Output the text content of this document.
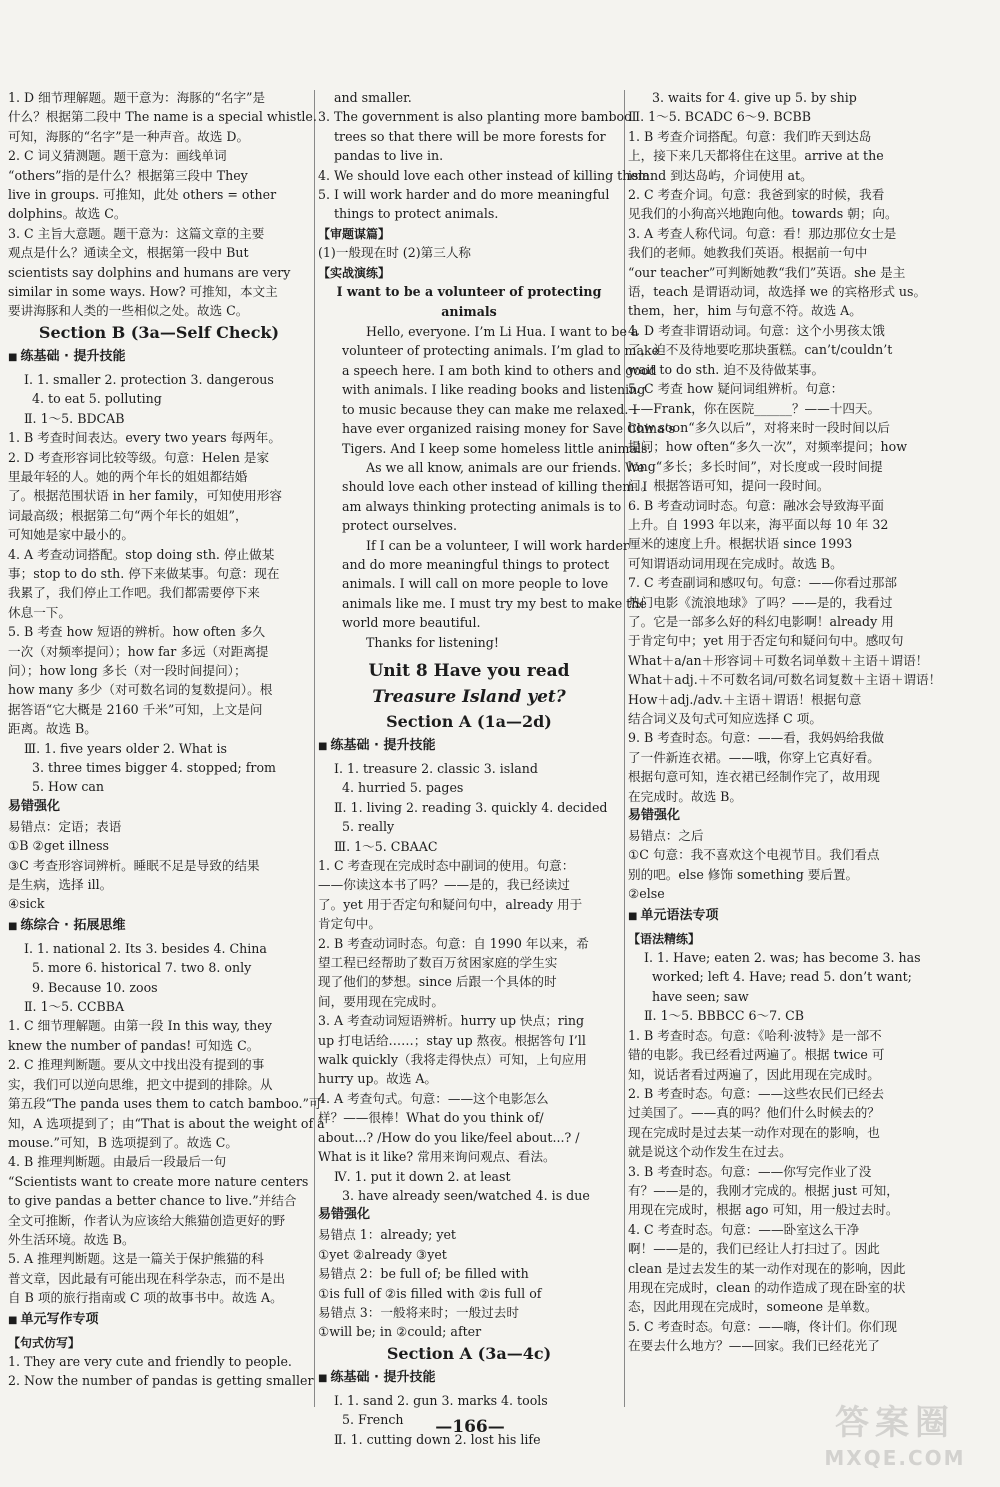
1. D 细节理解题。题干意为：海豚的“名字”是
什么？根据第二段中 The name is a special whistle.
可知，海豚的“名字”是一种声音。故选 D。
2. C 词义猜测题。题干意为：画线单词
“others”指的是什么？根据第三段中 They
live in groups. 可推知，此处 others = other
dolphins。故选 C。
3. C 主旨大意题。题干意为：这篇文章的主要
观点是什么？通读全文，根据第一段中 But
scientists say dolphins and humans are very
similar in some ways. How? 可推知，本文主
要讲海豚和人类的一些相似之处。故选 C。
Section B (3a—Self Check)
■ 练基础 · 提升技能
Ⅰ. 1. smaller 2. protection 3. dangerous
4. to eat 5. polluting
Ⅱ. 1～5. BDCAB
1. B 考查时间表达。every two years 每两年。
2. D 考查形容词比较等级。句意：Helen 是家
里最年轻的人。她的两个年长的姐姐都结婚
了。根据范围状语 in her family，可知使用形容
词最高级；根据第二句“两个年长的姐姐”，
可知她是家中最小的。
4. A 考查动词搭配。stop doing sth. 停止做某
事；stop to do sth. 停下来做某事。句意：现在
我累了，我们停止工作吧。我们都需要停下来
休息一下。
5. B 考查 how 短语的辨析。how often 多久
一次（对频率提问）；how far 多远（对距离提
问）；how long 多长（对一段时间提问）；
how many 多少（对可数名词的复数提问）。根
据答语“它大概是 2160 千米”可知，上文是问
距离。故选 B。
Ⅲ. 1. five years older 2. What is
3. three times bigger 4. stopped; from
5. How can
易错强化
易错点：定语；表语
①B ②get illness
③C 考查形容词辨析。睡眠不足是导致的结果
是生病，选择 ill。
④sick
■ 练综合 · 拓展思维
Ⅰ. 1. national 2. Its 3. besides 4. China
5. more 6. historical 7. two 8. only
9. Because 10. zoos
Ⅱ. 1～5. CCBBA
1. C 细节理解题。由第一段 In this way, they
knew the number of pandas! 可知选 C。
2. C 推理判断题。要从文中找出没有提到的事
实，我们可以逆向思维，把文中提到的排除。从
第五段“The panda uses them to catch bamboo.”可
知，A 选项提到了；由“That is about the weight of a
mouse.”可知，B 选项提到了。故选 C。
4. B 推理判断题。由最后一段最后一句
“Scientists want to create more nature centers
to give pandas a better chance to live.”并结合
全文可推断，作者认为应该给大熊猫创造更好的野
外生活环境。故选 B。
5. A 推理判断题。这是一篇关于保护熊猫的科
普文章，因此最有可能出现在科学杂志，而不是出
自 B 项的旅行指南或 C 项的故事书中。故选 A。
■ 单元写作专项
【 句式仿写 】
1. They are very cute and friendly to people.
2. Now the number of pandas is getting smaller
and smaller.
3. The government is also planting more bamboo
trees so that there will be more forests for
pandas to live in.
4. We should love each other instead of killing them.
5. I will work harder and do more meaningful
things to protect animals.
【 审题谋篇 】
(1)一般现在时 (2)第三人称
【 实战演练 】
I want to be a volunteer of protecting animals
Hello, everyone. I’m Li Hua. I want to be a
volunteer of protecting animals. I’m glad to make
a speech here. I am both kind to others and good
with animals. I like reading books and listening
to music because they can make me relaxed. I
have ever organized raising money for Save China’s
Tigers. And I keep some homeless little animals.
As we all know, animals are our friends. We
should love each other instead of killing them. I
am always thinking protecting animals is to
protect ourselves.
If I can be a volunteer, I will work harder
and do more meaningful things to protect
animals. I will call on more people to love
animals like me. I must try my best to make the
world more beautiful.
Thanks for listening!
Unit 8 Have you read
Treasure Island yet?
Section A (1a—2d)
■ 练基础 · 提升技能
Ⅰ. 1. treasure 2. classic 3. island
4. hurried 5. pages
Ⅱ. 1. living 2. reading 3. quickly 4. decided
5. really
Ⅲ. 1～5. CBAAC
1. C 考查现在完成时态中副词的使用。句意：
——你读这本书了吗？——是的，我已经读过
了。yet 用于否定句和疑问句中，already 用于
肯定句中。
2. B 考查动词时态。句意：自 1990 年以来，希
望工程已经帮助了数百万贫困家庭的学生实
现了他们的梦想。since 后跟一个具体的时
间，要用现在完成时。
3. A 考查动词短语辨析。hurry up 快点；ring
up 打电话给……；stay up 熬夜。根据答句 I’ll
walk quickly（我将走得快点）可知，上句应用
hurry up。故选 A。
4. A 考查句式。句意：——这个电影怎么
样？——很棒！What do you think of/
about...? /How do you like/feel about...? /
What is it like? 常用来询问观点、看法。
Ⅳ. 1. put it down 2. at least
3. have already seen/watched 4. is due
易错强化
易错点 1：already; yet
①yet ②already ③yet
易错点 2：be full of; be filled with
①is full of ②is filled with ②is full of
易错点 3：一般将来时；一般过去时
①will be; in ②could; after
Section A (3a—4c)
■ 练基础 · 提升技能
Ⅰ. 1. sand 2. gun 3. marks 4. tools
5. French
Ⅱ. 1. cutting down 2. lost his life
3. waits for 4. give up 5. by ship
Ⅲ. 1～5. BCADC 6～9. BCBB
1. B 考查介词搭配。句意：我们昨天到达岛
上，接下来几天都将住在这里。arrive at the
island 到达岛屿，介词使用 at。
2. C 考查介词。句意：我爸到家的时候，我看
见我们的小狗高兴地跑向他。towards 朝；向。
3. A 考查人称代词。句意：看！那边那位女士是
我们的老师。她教我们英语。根据前一句中
“our teacher”可判断她教“我们”英语。she 是主
语，teach 是谓语动词，故选择 we 的宾格形式 us。
them，her，him 与句意不符。故选 A。
4. D 考查非谓语动词。句意：这个小男孩太饿
了，迫不及待地要吃那块蛋糕。can’t/couldn’t
wait to do sth. 迫不及待做某事。
5. C 考查 how 疑问词组辨析。句意：
——Frank，你在医院______？——十四天。
how soon“多久以后”，对将来时一段时间以后
提问；how often“多久一次”，对频率提问；how
long“多长；多长时间”，对长度或一段时间提
问。根据答语可知，提问一段时间。
6. B 考查动词时态。句意：融冰会导致海平面
上升。自 1993 年以来，海平面以每 10 年 32
厘米的速度上升。根据状语 since 1993
可知谓语动词用现在完成时。故选 B。
7. C 考查副词和感叹句。句意：——你看过那部
热门电影《流浪地球》了吗？——是的，我看过
了。它是一部多么好的科幻电影啊！already 用
于肯定句中；yet 用于否定句和疑问句中。感叹句
What＋a/an＋形容词＋可数名词单数＋主语＋谓语！
What＋adj.＋不可数名词/可数名词复数＋主语＋谓语！
How＋adj./adv.＋主语＋谓语！根据句意
结合词义及句式可知应选择 C 项。
9. B 考查时态。句意：——看，我妈妈给我做
了一件新连衣裙。——哦，你穿上它真好看。
根据句意可知，连衣裙已经制作完了，故用现
在完成时。故选 B。
易错强化
易错点：之后
①C 句意：我不喜欢这个电视节目。我们看点
别的吧。else 修饰 something 要后置。
②else
■ 单元语法专项
【 语法精练 】
Ⅰ. 1. Have; eaten 2. was; has become 3. has
worked; left 4. Have; read 5. don’t want;
have seen; saw
Ⅱ. 1～5. BBBCC 6～7. CB
1. B 考查时态。句意：《哈利·波特》是一部不
错的电影。我已经看过两遍了。根据 twice 可
知，说话者看过两遍了，因此用现在完成时。
2. B 考查时态。句意：——这些农民们已经去
过美国了。——真的吗？他们什么时候去的？
现在完成时是过去某一动作对现在的影响，也
就是说这个动作发生在过去。
3. B 考查时态。句意：——你写完作业了没
有？——是的，我刚才完成的。根据 just 可知，
用现在完成时，根据 ago 可知，用一般过去时。
4. C 考查时态。句意：——卧室这么干净
啊！——是的，我们已经让人打扫过了。因此
clean 是过去发生的某一动作对现在的影响，因此
用现在完成时，clean 的动作造成了现在卧室的状
态，因此用现在完成时，someone 是单数。
5. C 考查时态。句意：——嗨，佟计们。你们现
在要去什么地方？——回家。我们已经花光了
—166—	答案圈
MXQE.COM
